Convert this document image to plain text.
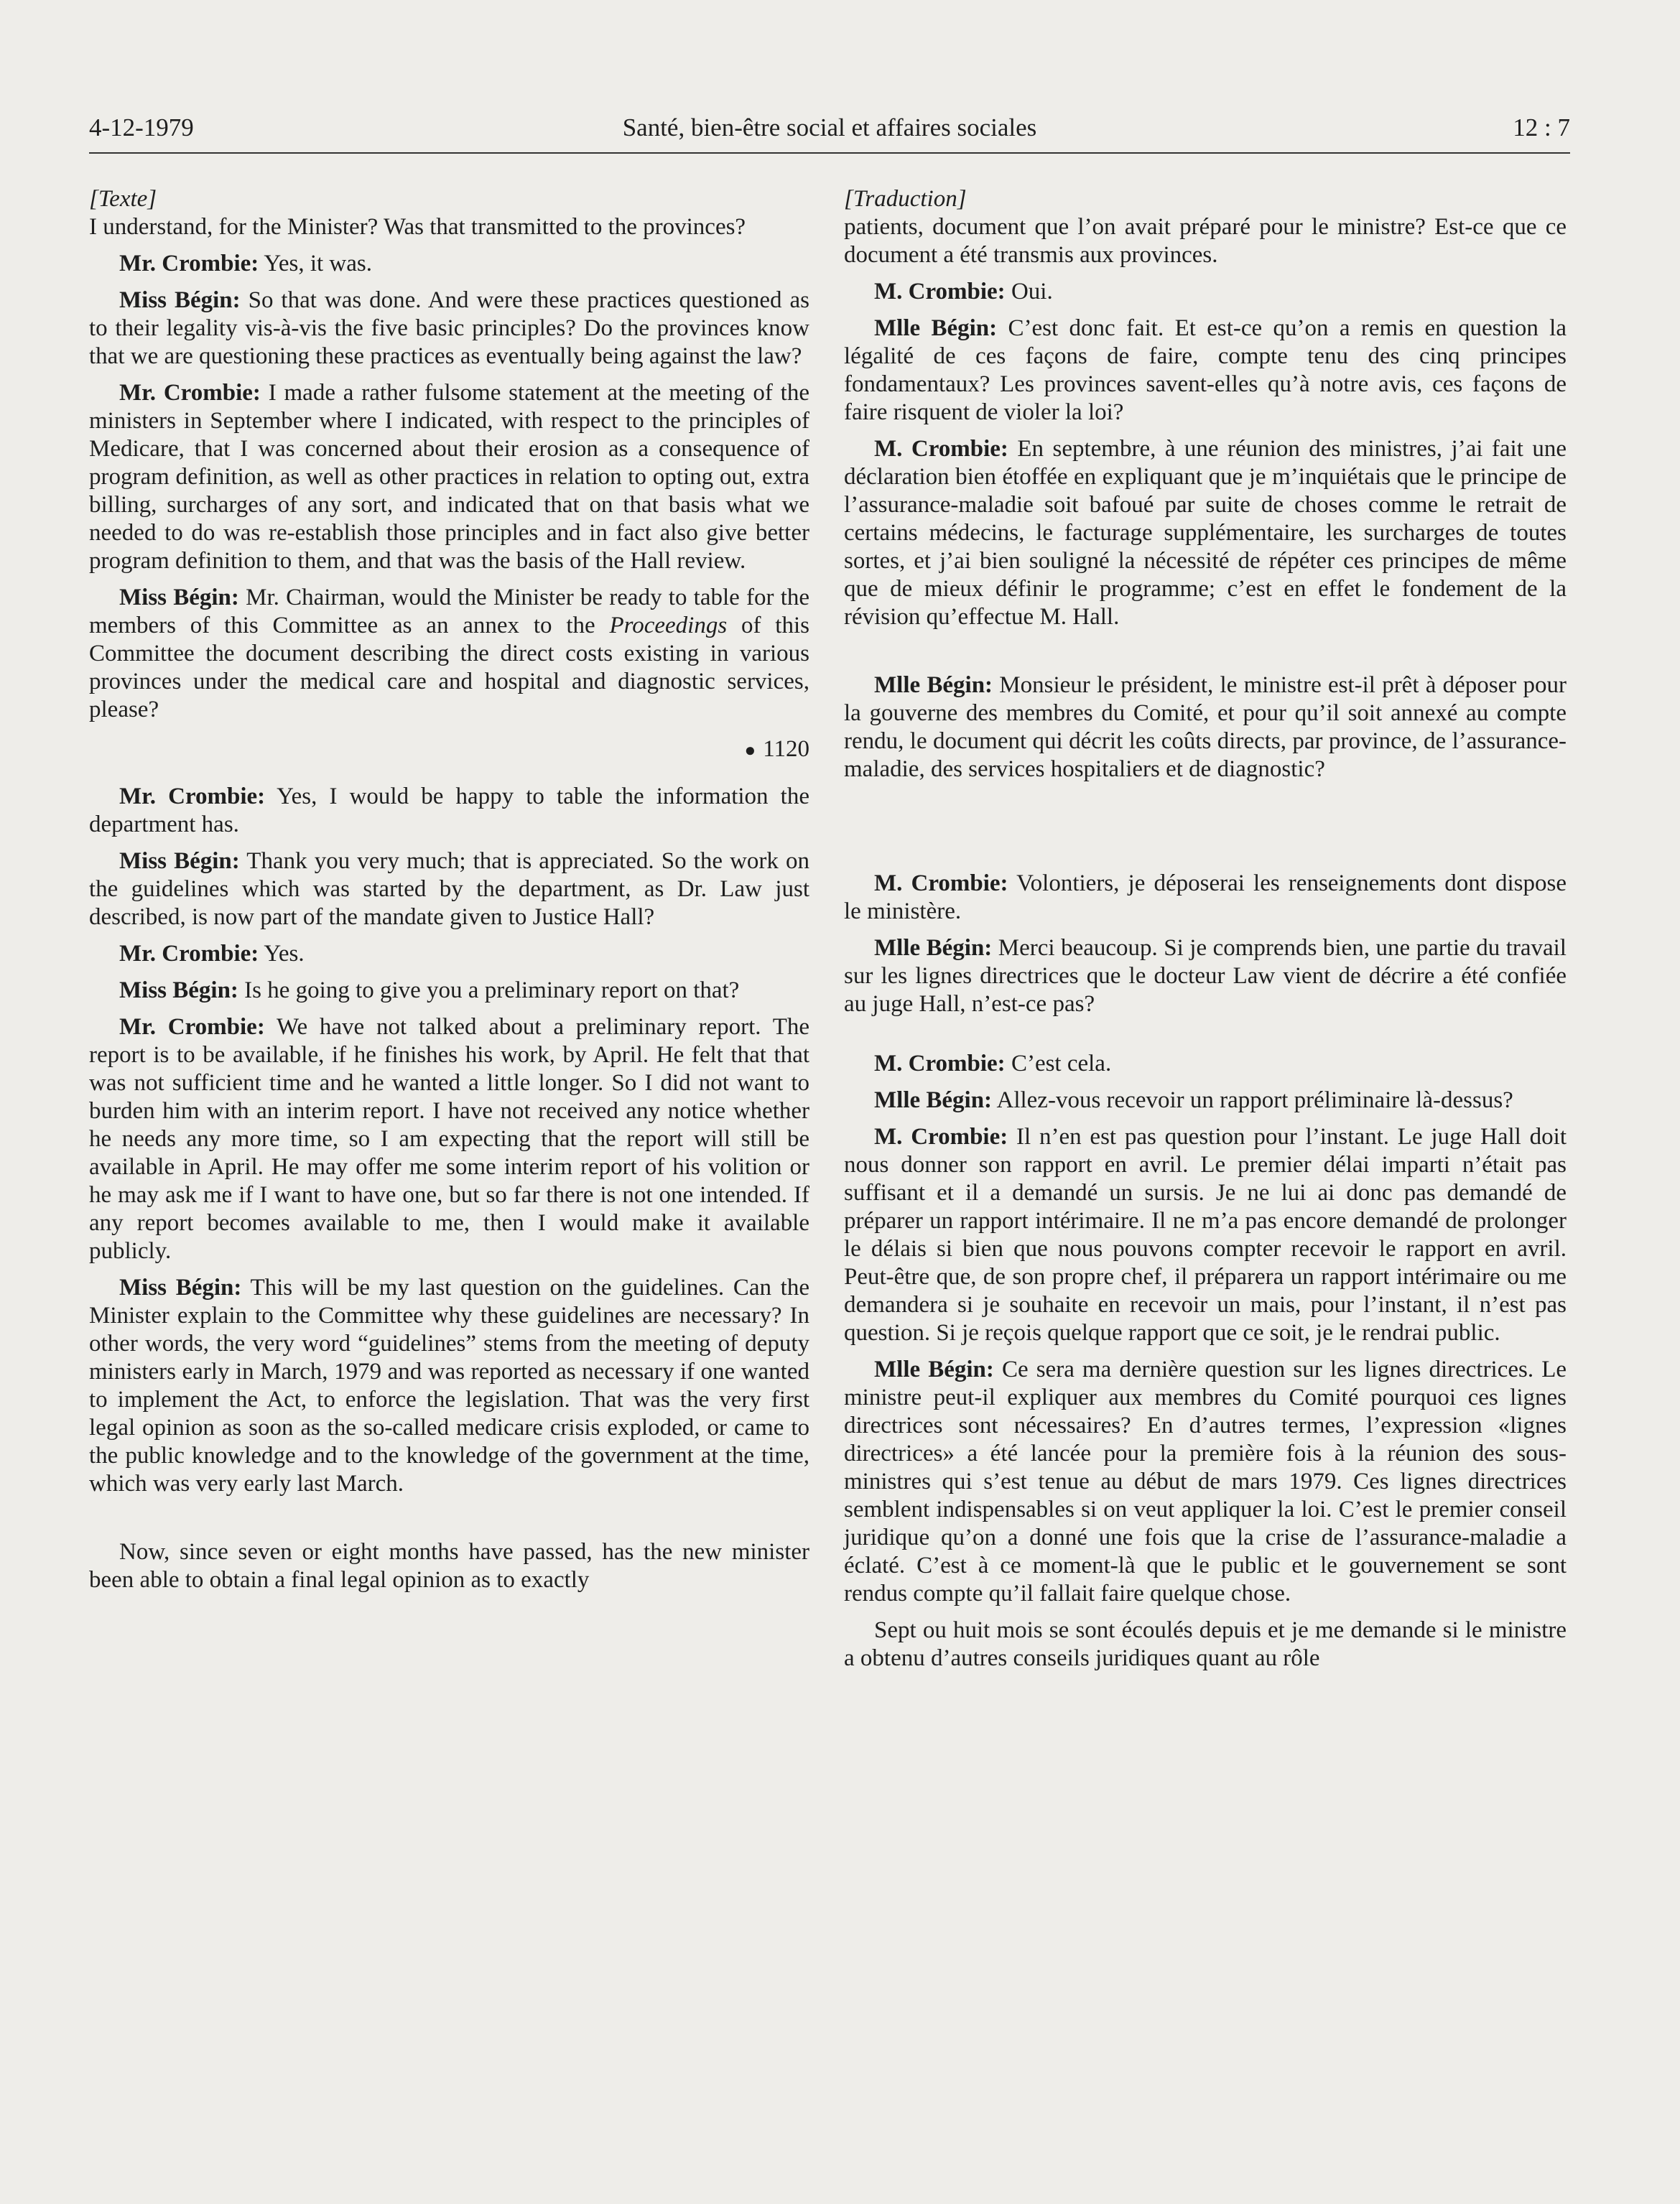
4-12-1979	Santé, bien-être social et affaires sociales	12 : 7
[Texte]

I understand, for the Minister? Was that transmitted to the provinces?

Mr. Crombie: Yes, it was.

Miss Bégin: So that was done. And were these practices questioned as to their legality vis-à-vis the five basic principles? Do the provinces know that we are questioning these practices as eventually being against the law?

Mr. Crombie: I made a rather fulsome statement at the meeting of the ministers in September where I indicated, with respect to the principles of Medicare, that I was concerned about their erosion as a consequence of program definition, as well as other practices in relation to opting out, extra billing, surcharges of any sort, and indicated that on that basis what we needed to do was re-establish those principles and in fact also give better program definition to them, and that was the basis of the Hall review.

Miss Bégin: Mr. Chairman, would the Minister be ready to table for the members of this Committee as an annex to the Proceedings of this Committee the document describing the direct costs existing in various provinces under the medical care and hospital and diagnostic services, please?

● 1120

Mr. Crombie: Yes, I would be happy to table the information the department has.

Miss Bégin: Thank you very much; that is appreciated. So the work on the guidelines which was started by the department, as Dr. Law just described, is now part of the mandate given to Justice Hall?

Mr. Crombie: Yes.

Miss Bégin: Is he going to give you a preliminary report on that?

Mr. Crombie: We have not talked about a preliminary report. The report is to be available, if he finishes his work, by April. He felt that that was not sufficient time and he wanted a little longer. So I did not want to burden him with an interim report. I have not received any notice whether he needs any more time, so I am expecting that the report will still be available in April. He may offer me some interim report of his volition or he may ask me if I want to have one, but so far there is not one intended. If any report becomes available to me, then I would make it available publicly.

Miss Bégin: This will be my last question on the guidelines. Can the Minister explain to the Committee why these guidelines are necessary? In other words, the very word “guidelines” stems from the meeting of deputy ministers early in March, 1979 and was reported as necessary if one wanted to implement the Act, to enforce the legislation. That was the very first legal opinion as soon as the so-called medicare crisis exploded, or came to the public knowledge and to the knowledge of the government at the time, which was very early last March.

Now, since seven or eight months have passed, has the new minister been able to obtain a final legal opinion as to exactly

[Traduction]

patients, document que l’on avait préparé pour le ministre? Est-ce que ce document a été transmis aux provinces.

M. Crombie: Oui.

Mlle Bégin: C’est donc fait. Et est-ce qu’on a remis en question la légalité de ces façons de faire, compte tenu des cinq principes fondamentaux? Les provinces savent-elles qu’à notre avis, ces façons de faire risquent de violer la loi?

M. Crombie: En septembre, à une réunion des ministres, j’ai fait une déclaration bien étoffée en expliquant que je m’inquiétais que le principe de l’assurance-maladie soit bafoué par suite de choses comme le retrait de certains médecins, le facturage supplémentaire, les surcharges de toutes sortes, et j’ai bien souligné la nécessité de répéter ces principes de même que de mieux définir le programme; c’est en effet le fondement de la révision qu’effectue M. Hall.

Mlle Bégin: Monsieur le président, le ministre est-il prêt à déposer pour la gouverne des membres du Comité, et pour qu’il soit annexé au compte rendu, le document qui décrit les coûts directs, par province, de l’assurance-maladie, des services hospitaliers et de diagnostic?

M. Crombie: Volontiers, je déposerai les renseignements dont dispose le ministère.

Mlle Bégin: Merci beaucoup. Si je comprends bien, une partie du travail sur les lignes directrices que le docteur Law vient de décrire a été confiée au juge Hall, n’est-ce pas?

M. Crombie: C’est cela.

Mlle Bégin: Allez-vous recevoir un rapport préliminaire là-dessus?

M. Crombie: Il n’en est pas question pour l’instant. Le juge Hall doit nous donner son rapport en avril. Le premier délai imparti n’était pas suffisant et il a demandé un sursis. Je ne lui ai donc pas demandé de préparer un rapport intérimaire. Il ne m’a pas encore demandé de prolonger le délais si bien que nous pouvons compter recevoir le rapport en avril. Peut-être que, de son propre chef, il préparera un rapport intérimaire ou me demandera si je souhaite en recevoir un mais, pour l’instant, il n’est pas question. Si je reçois quelque rapport que ce soit, je le rendrai public.

Mlle Bégin: Ce sera ma dernière question sur les lignes directrices. Le ministre peut-il expliquer aux membres du Comité pourquoi ces lignes directrices sont nécessaires? En d’autres termes, l’expression «lignes directrices» a été lancée pour la première fois à la réunion des sous-ministres qui s’est tenue au début de mars 1979. Ces lignes directrices semblent indispensables si on veut appliquer la loi. C’est le premier conseil juridique qu’on a donné une fois que la crise de l’assurance-maladie a éclaté. C’est à ce moment-là que le public et le gouvernement se sont rendus compte qu’il fallait faire quelque chose.

Sept ou huit mois se sont écoulés depuis et je me demande si le ministre a obtenu d’autres conseils juridiques quant au rôle
